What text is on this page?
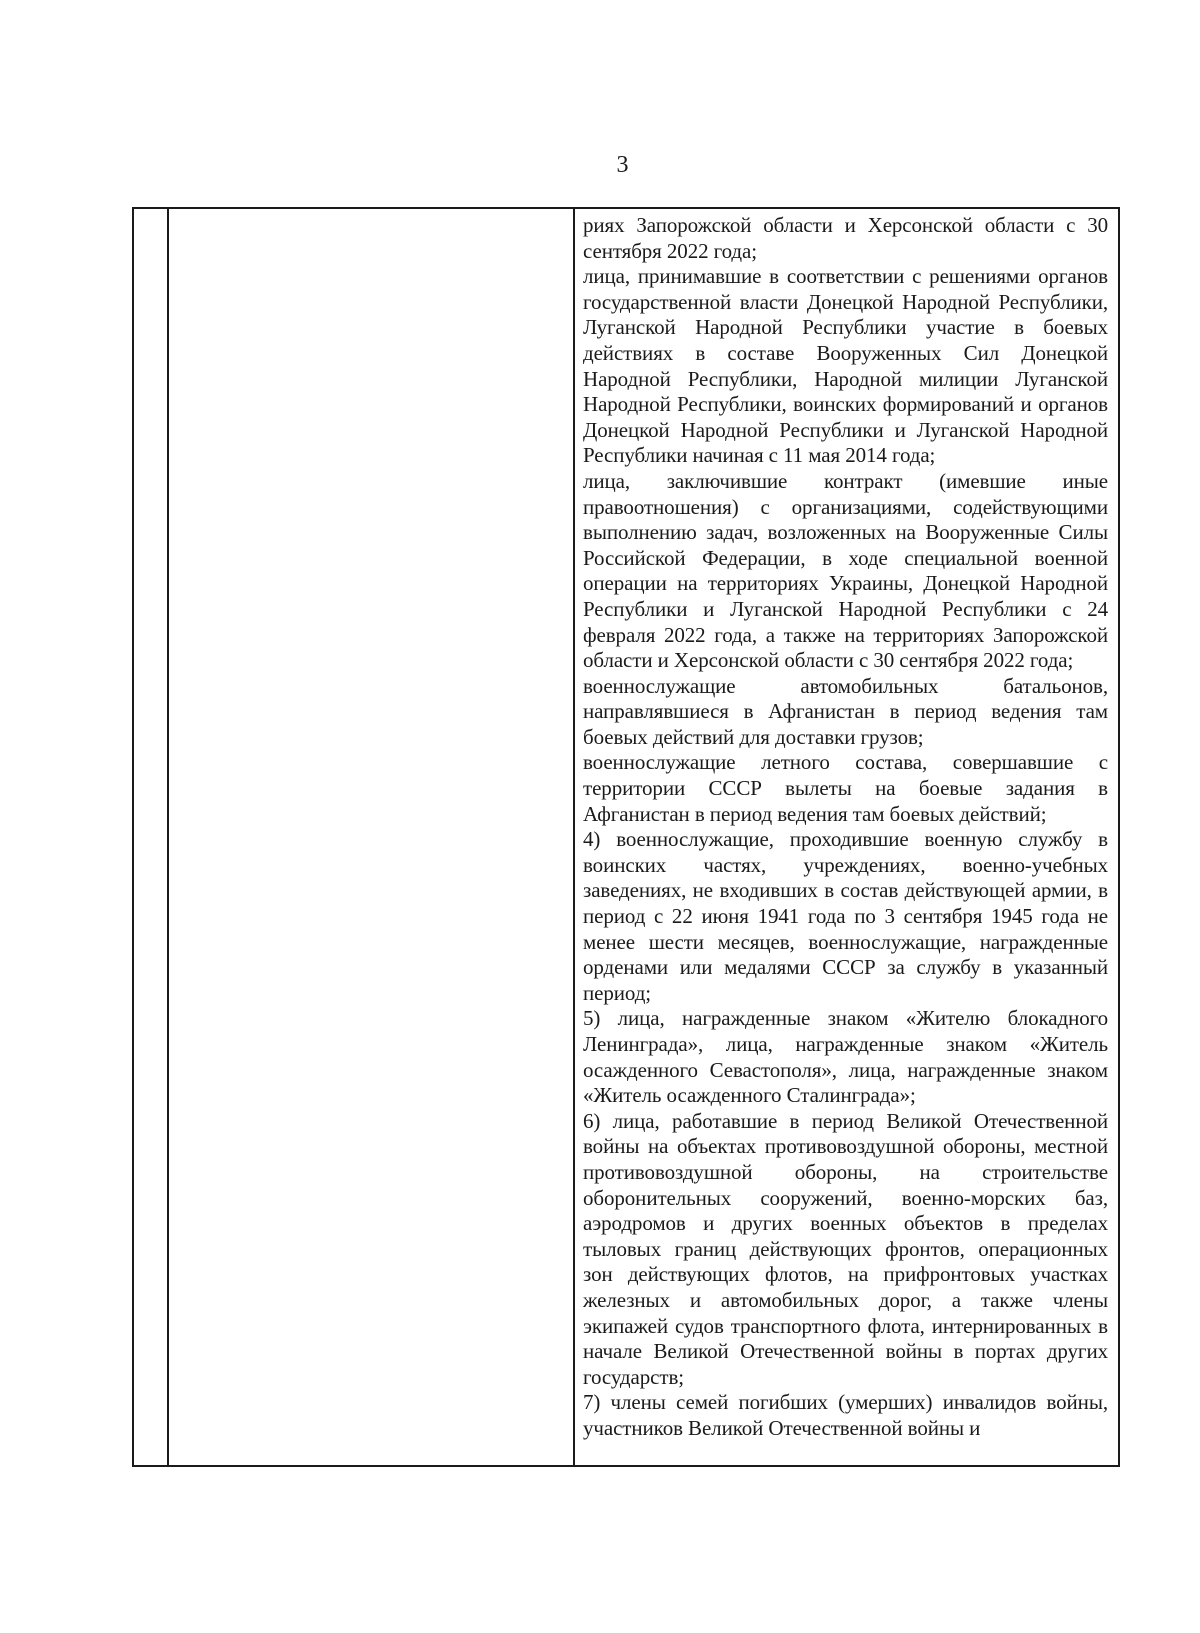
3

риях Запорожской области и Херсонской области с 30 сентября 2022 года;

лица, принимавшие в соответствии с решениями органов государственной власти Донецкой Народной Республики, Луганской Народной Республики участие в боевых действиях в составе Вооруженных Сил Донецкой Народной Республики, Народной милиции Луганской Народной Республики, воинских формирований и органов Донецкой Народной Республики и Луганской Народной Республики начиная с 11 мая 2014 года;

лица, заключившие контракт (имевшие иные правоотношения) с организациями, содействующими выполнению задач, возложенных на Вооруженные Силы Российской Федерации, в ходе специальной военной операции на территориях Украины, Донецкой Народной Республики и Луганской Народной Республики с 24 февраля 2022 года, а также на территориях Запорожской области и Херсонской области с 30 сентября 2022 года;

военнослужащие автомобильных батальонов, направлявшиеся в Афганистан в период ведения там боевых действий для доставки грузов;

военнослужащие летного состава, совершавшие с территории СССР вылеты на боевые задания в Афганистан в период ведения там боевых действий;

4) военнослужащие, проходившие военную службу в воинских частях, учреждениях, военно-учебных заведениях, не входивших в состав действующей армии, в период с 22 июня 1941 года по 3 сентября 1945 года не менее шести месяцев, военнослужащие, награжденные орденами или медалями СССР за службу в указанный период;

5) лица, награжденные знаком «Жителю блокадного Ленинграда», лица, награжденные знаком «Житель осажденного Севастополя», лица, награжденные знаком «Житель осажденного Сталинграда»;

6) лица, работавшие в период Великой Отечественной войны на объектах противовоздушной обороны, местной противовоздушной обороны, на строительстве оборонительных сооружений, военно-морских баз, аэродромов и других военных объектов в пределах тыловых границ действующих фронтов, операционных зон действующих флотов, на прифронтовых участках железных и автомобильных дорог, а также члены экипажей судов транспортного флота, интернированных в начале Великой Отечественной войны в портах других государств;

7) члены семей погибших (умерших) инвалидов войны, участников Великой Отечественной войны и
